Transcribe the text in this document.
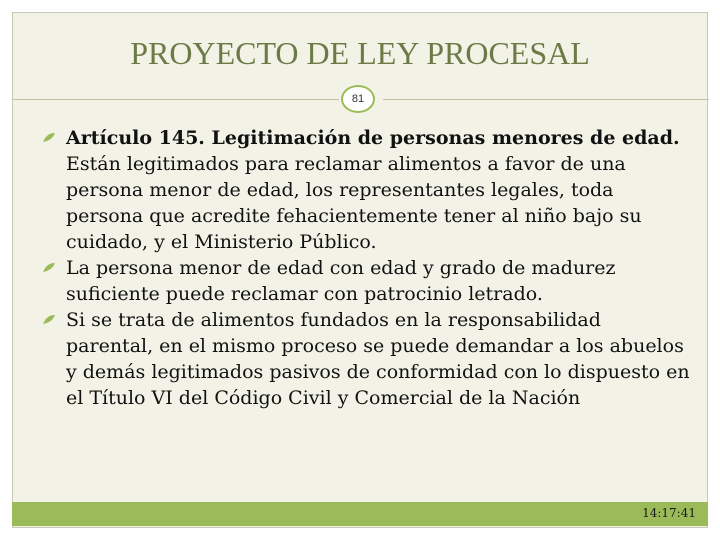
PROYECTO DE LEY PROCESAL
81

Artículo 145. Legitimación de personas menores de edad. Están legitimados para reclamar alimentos a favor de una persona menor de edad, los representantes legales, toda persona que acredite fehacientemente tener al niño bajo su cuidado, y el Ministerio Público.

La persona menor de edad con edad y grado de madurez suficiente puede reclamar con patrocinio letrado.

Si se trata de alimentos fundados en la responsabilidad parental, en el mismo proceso se puede demandar a los abuelos y demás legitimados pasivos de conformidad con lo dispuesto en el Título VI del Código Civil y Comercial de la Nación

14:17:41
